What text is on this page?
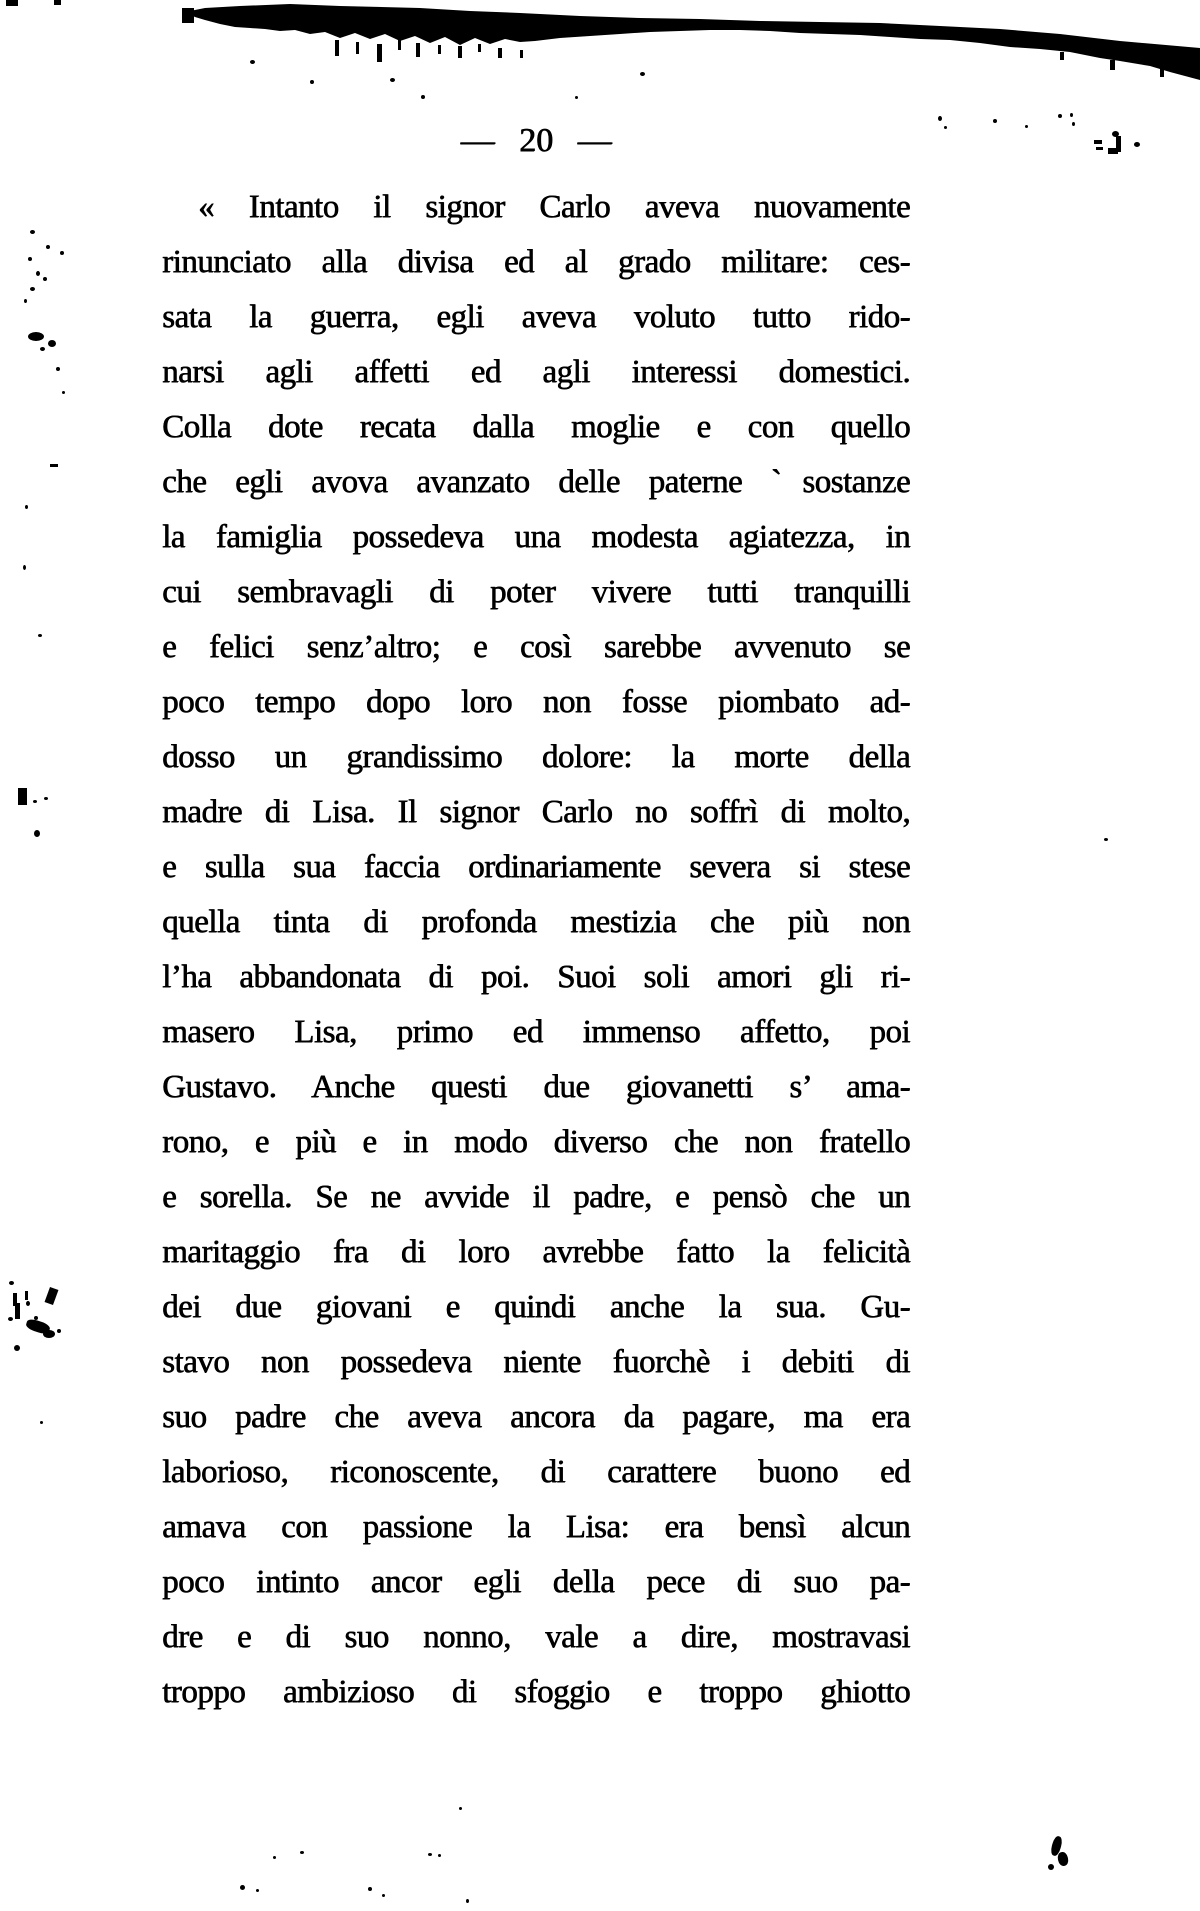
— 20 —
« Intanto il signor Carlo aveva nuovamente
rinunciato alla divisa ed al grado militare: ces-
sata la guerra, egli aveva voluto tutto rido-
narsi agli affetti ed agli interessi domestici.
Colla dote recata dalla moglie e con quello
che egli avova avanzato delle paterne ˋsostanze
la famiglia possedeva una modesta agiatezza, in
cui sembravagli di poter vivere tutti tranquilli
e felici senz’altro; e così sarebbe avvenuto se
poco tempo dopo loro non fosse piombato ad-
dosso un grandissimo dolore: la morte della
madre di Lisa. Il signor Carlo no soffrì di molto,
e sulla sua faccia ordinariamente severa si stese
quella tinta di profonda mestizia che più non
l’ha abbandonata di poi. Suoi soli amori gli ri-
masero Lisa, primo ed immenso affetto, poi
Gustavo. Anche questi due giovanetti s’ ama-
rono, e più e in modo diverso che non fratello
e sorella. Se ne avvide il padre, e pensò che un
maritaggio fra di loro avrebbe fatto la felicità
dei due giovani e quindi anche la sua. Gu-
stavo non possedeva niente fuorchè i debiti di
suo padre che aveva ancora da pagare, ma era
laborioso, riconoscente, di carattere buono ed
amava con passione la Lisa: era bensì alcun
poco intinto ancor egli della pece di suo pa-
dre e di suo nonno, vale a dire, mostravasi
troppo ambizioso di sfoggio e troppo ghiotto
